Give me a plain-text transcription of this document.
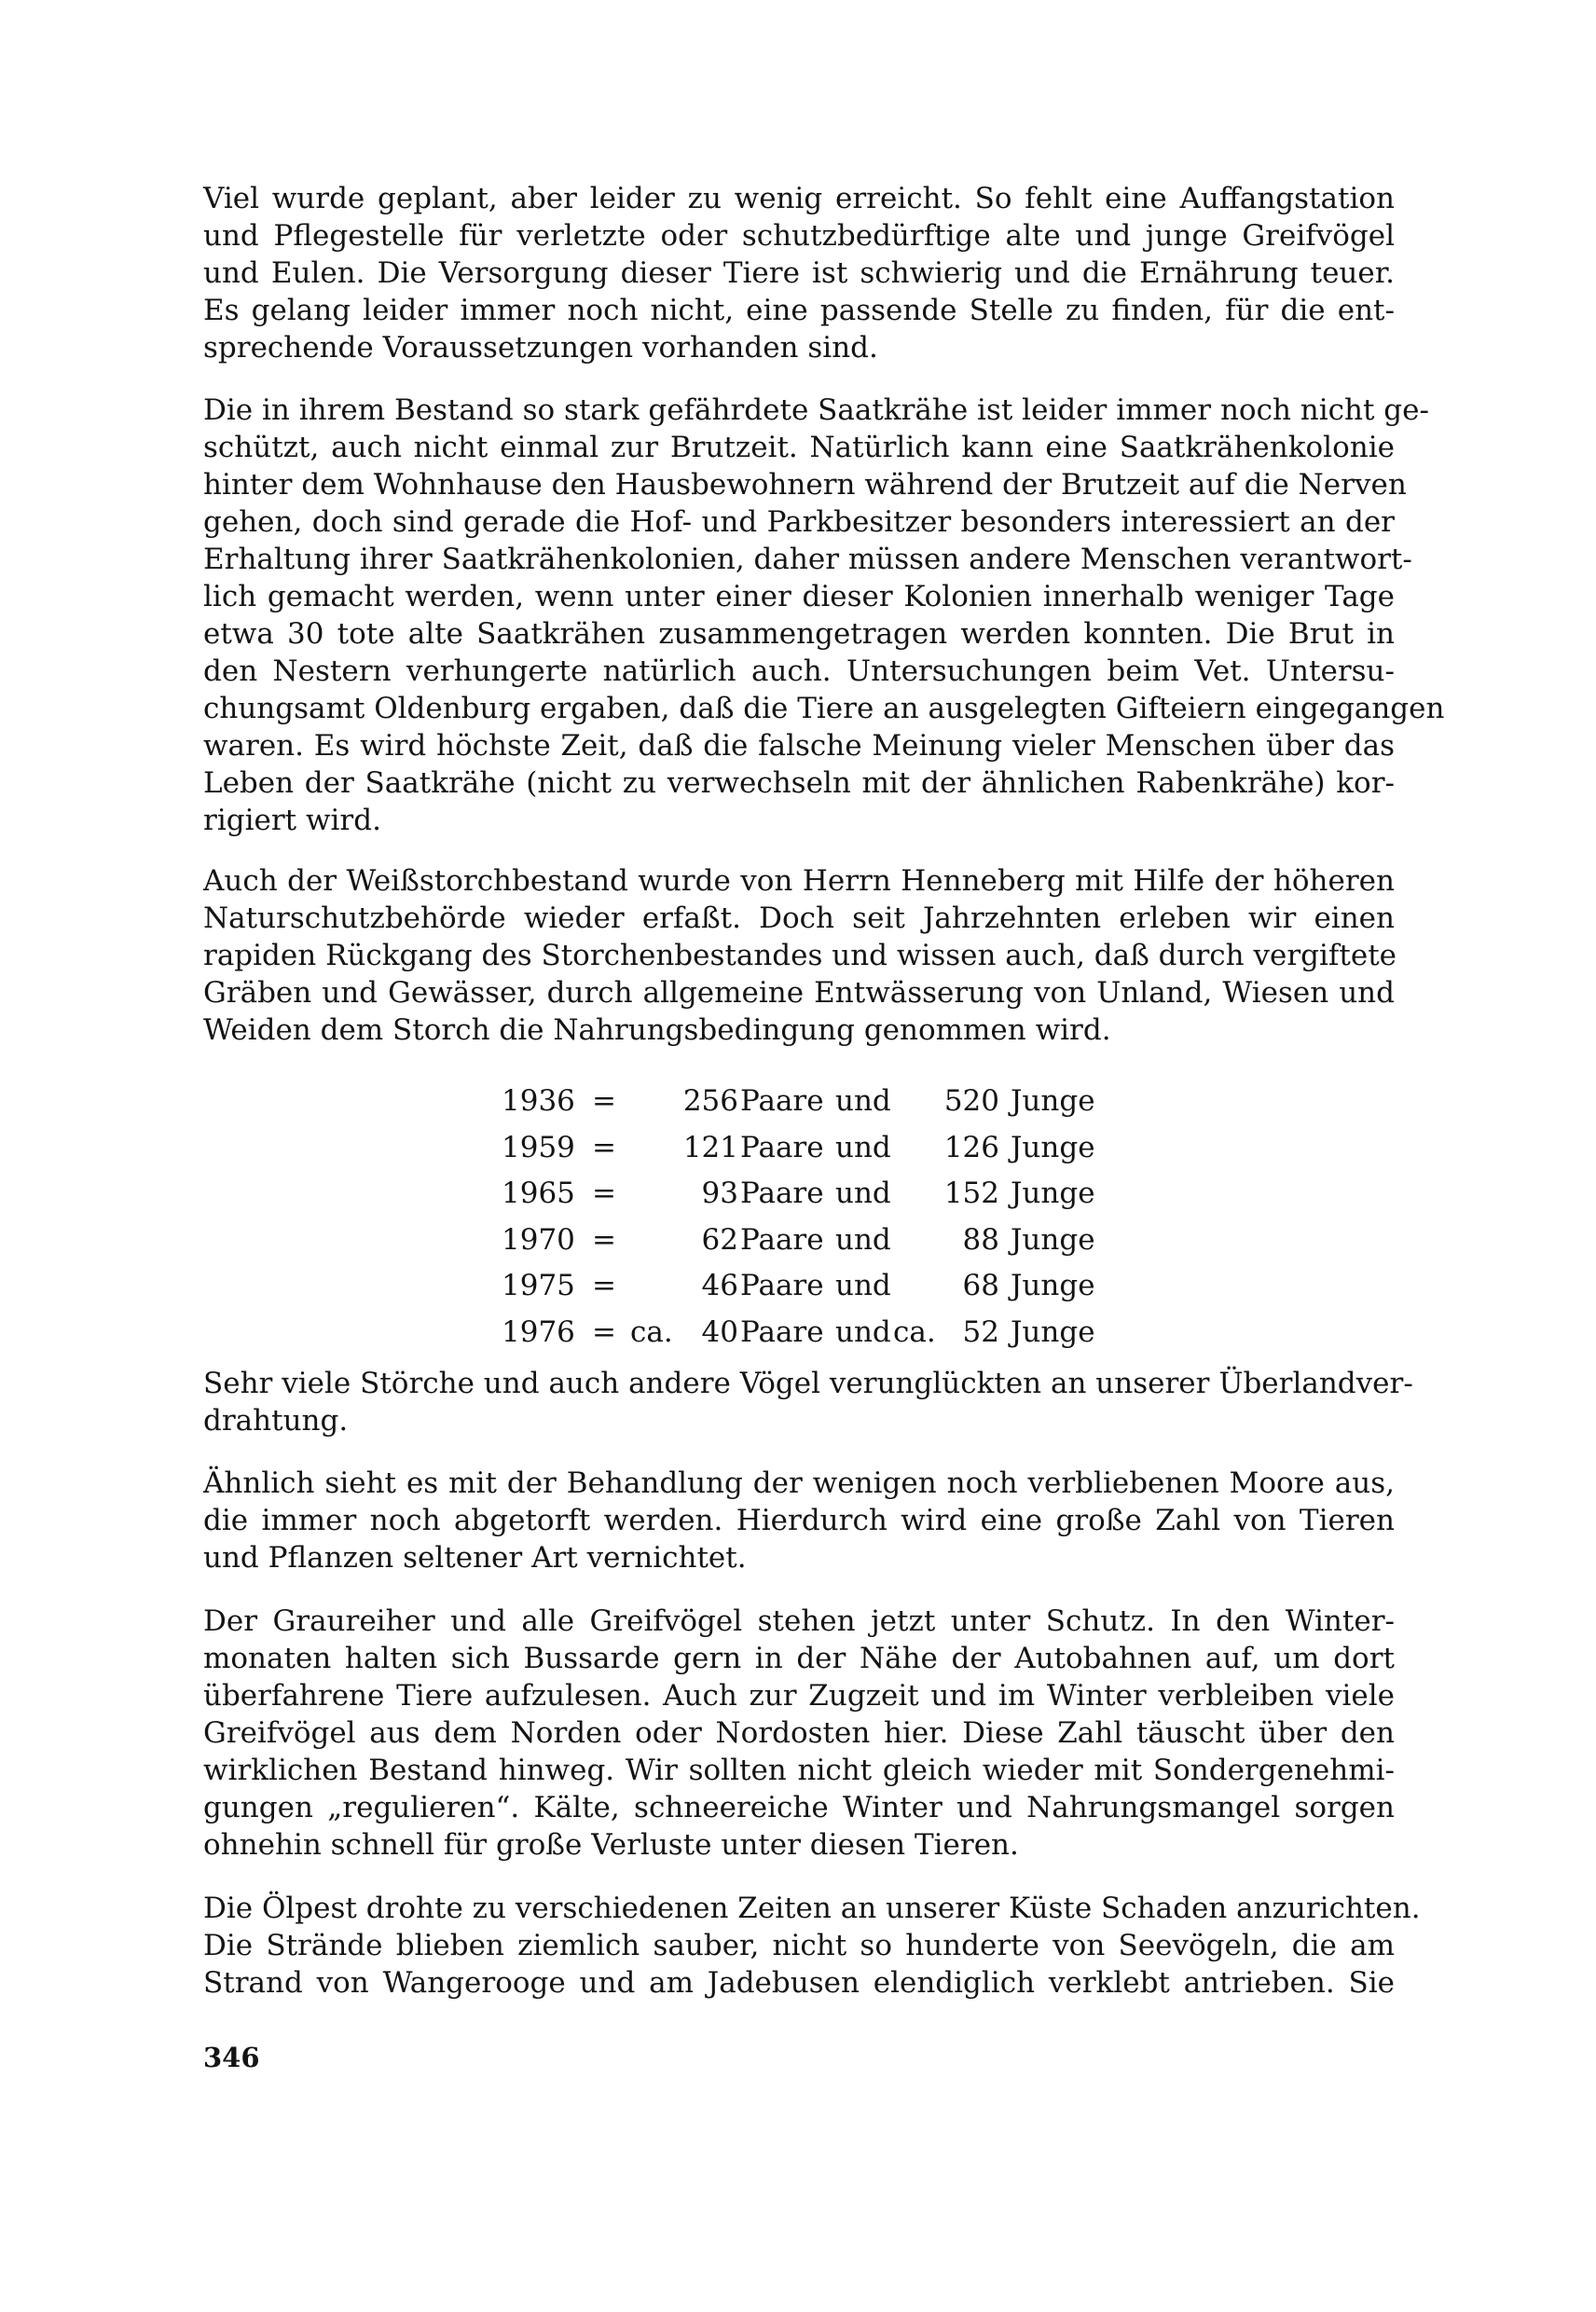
Viel wurde geplant, aber leider zu wenig erreicht. So fehlt eine Auffangstation
und Pflegestelle für verletzte oder schutzbedürftige alte und junge Greifvögel
und Eulen. Die Versorgung dieser Tiere ist schwierig und die Ernährung teuer.
Es gelang leider immer noch nicht, eine passende Stelle zu finden, für die ent-
sprechende Voraussetzungen vorhanden sind.
Die in ihrem Bestand so stark gefährdete Saatkrähe ist leider immer noch nicht ge-
schützt, auch nicht einmal zur Brutzeit. Natürlich kann eine Saatkrähenkolonie
hinter dem Wohnhause den Hausbewohnern während der Brutzeit auf die Nerven
gehen, doch sind gerade die Hof- und Parkbesitzer besonders interessiert an der
Erhaltung ihrer Saatkrähenkolonien, daher müssen andere Menschen verantwort-
lich gemacht werden, wenn unter einer dieser Kolonien innerhalb weniger Tage
etwa 30 tote alte Saatkrähen zusammengetragen werden konnten. Die Brut in
den Nestern verhungerte natürlich auch. Untersuchungen beim Vet. Untersu-
chungsamt Oldenburg ergaben, daß die Tiere an ausgelegten Gifteiern eingegangen
waren. Es wird höchste Zeit, daß die falsche Meinung vieler Menschen über das
Leben der Saatkrähe (nicht zu verwechseln mit der ähnlichen Rabenkrähe) kor-
rigiert wird.
Auch der Weißstorchbestand wurde von Herrn Henneberg mit Hilfe der höheren
Naturschutzbehörde wieder erfaßt. Doch seit Jahrzehnten erleben wir einen
rapiden Rückgang des Storchenbestandes und wissen auch, daß durch vergiftete
Gräben und Gewässer, durch allgemeine Entwässerung von Unland, Wiesen und
Weiden dem Storch die Nahrungsbedingung genommen wird.
1936 = 256 Paare und 520 Junge
1959 = 121 Paare und 126 Junge
1965 =	93 Paare und 152 Junge
1970 =	62 Paare und	88 Junge
1975 =	46 Paare und	68 Junge
1976 = ca. 40 Paare und ca. 52 Junge
Sehr viele Störche und auch andere Vögel verunglückten an unserer Überlandver-
drahtung.
Ähnlich sieht es mit der Behandlung der wenigen noch verbliebenen Moore aus,
die immer noch abgetorft werden. Hierdurch wird eine große Zahl von Tieren
und Pflanzen seltener Art vernichtet.
Der Graureiher und alle Greifvögel stehen jetzt unter Schutz. In den Winter-
monaten halten sich Bussarde gern in der Nähe der Autobahnen auf, um dort
überfahrene Tiere aufzulesen. Auch zur Zugzeit und im Winter verbleiben viele
Greifvögel aus dem Norden oder Nordosten hier. Diese Zahl täuscht über den
wirklichen Bestand hinweg. Wir sollten nicht gleich wieder mit Sondergenehmi-
gungen „regulieren“. Kälte, schneereiche Winter und Nahrungsmangel sorgen
ohnehin schnell für große Verluste unter diesen Tieren.
Die Ölpest drohte zu verschiedenen Zeiten an unserer Küste Schaden anzurichten.
Die Strände blieben ziemlich sauber, nicht so hunderte von Seevögeln, die am
Strand von Wangerooge und am Jadebusen elendiglich verklebt antrieben. Sie
346
